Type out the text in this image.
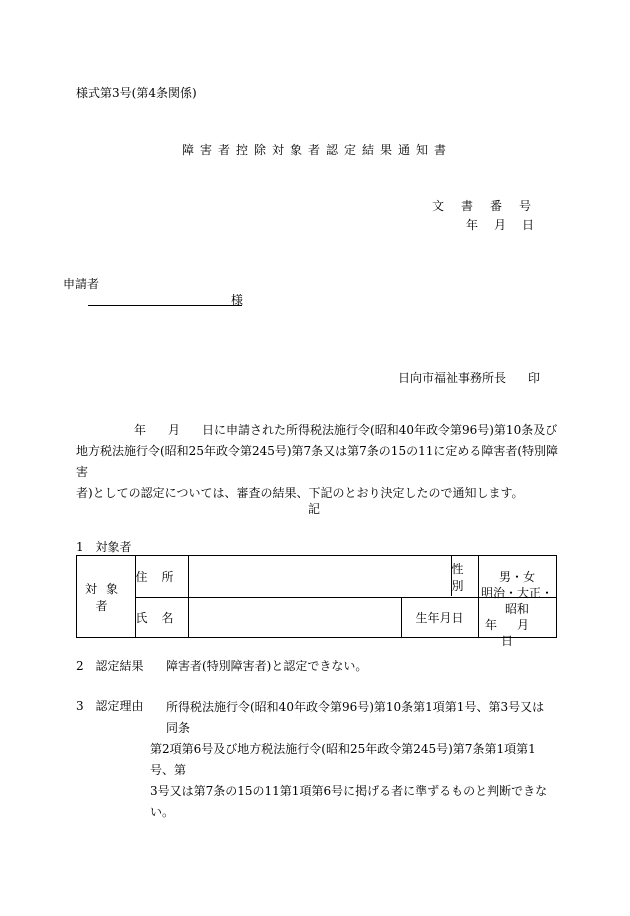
様式第3号(第4条関係)
障害者控除対象者認定結果通知書
文書番号
年月日
申請者
様
日向市福祉事務所長 印
年 月 日に申請された所得税法施行令(昭和40年政令第96号)第10条及び
地方税法施行令(昭和25年政令第245号)第7条又は第7条の15の11に定める障害者(特別障害
者)としての認定については、審査の結果、下記のとおり決定したので通知します。
記
1 対象者
対象者
住所
性別
男・女
氏名	生年月日
明治・大正・昭和
年月日
2 認定結果 障害者(特別障害者)と認定できない。
3 認定理由	所得税法施行令(昭和40年政令第96号)第10条第1項第1号、第3号又は同条
第2項第6号及び地方税法施行令(昭和25年政令第245号)第7条第1項第1号、第
3号又は第7条の15の11第1項第6号に掲げる者に準ずるものと判断できない。
